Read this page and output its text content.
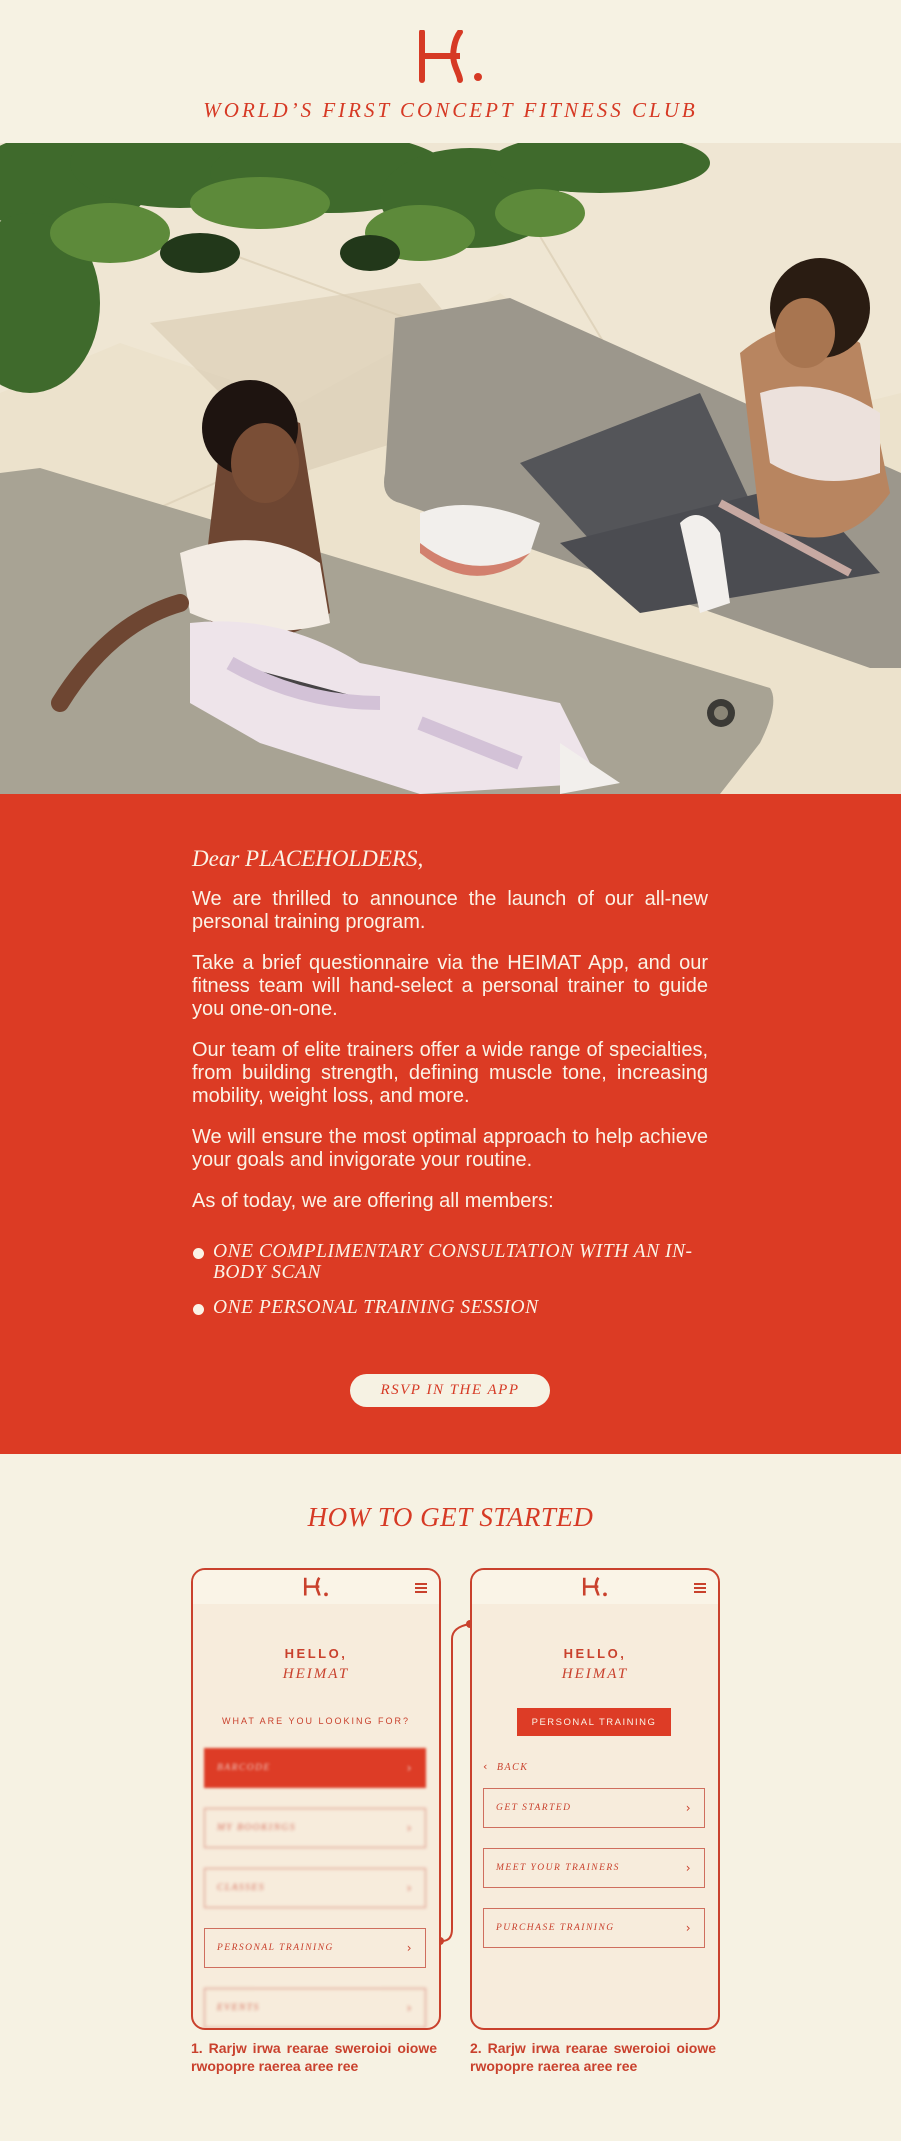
WORLD’S FIRST CONCEPT FITNESS CLUB
Dear PLACEHOLDERS,

We are thrilled to announce the launch of our all-new personal training program.

Take a brief questionnaire via the HEIMAT App, and our fitness team will hand-select a personal trainer to guide you one-on-one.

Our team of elite trainers offer a wide range of specialties, from building strength, defining muscle tone, increasing mobility, weight loss, and more.

We will ensure the most optimal approach to help achieve your goals and invigorate your routine.

As of today, we are offering all members:

ONE COMPLIMENTARY CONSULTATION WITH AN IN-BODY SCAN
ONE PERSONAL TRAINING SESSION
RSVP IN THE APP
HOW TO GET STARTED
HELLO,
HEIMAT
WHAT ARE YOU LOOKING FOR?
BARCODE	›
MY BOOKINGS	›
CLASSES	›
PERSONAL TRAINING	›
EVENTS	›
HELLO,
HEIMAT
PERSONAL TRAINING
‹ BACK
GET STARTED	›
MEET YOUR TRAINERS	›
PURCHASE TRAINING	›
1. Rarjw irwa rearae sweroioi oiowe rwopopre raerea aree ree
2. Rarjw irwa rearae sweroioi oiowe rwopopre raerea aree ree
